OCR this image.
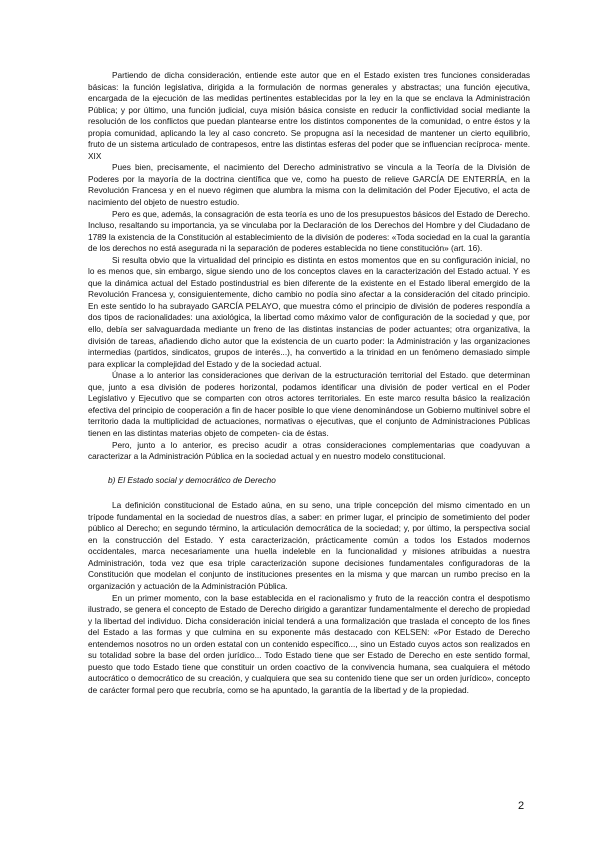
Partiendo de dicha consideración, entiende este autor que en el Estado existen tres funciones consideradas básicas: la función legislativa, dirigida a la formulación de normas generales y abstractas; una función ejecutiva, encargada de la ejecución de las medidas pertinentes establecidas por la ley en la que se enclava la Administración Pública; y por último, una función judicial, cuya misión básica consiste en reducir la conflictividad social mediante la resolución de los conflictos que puedan plantearse entre los distintos componentes de la comunidad, o entre éstos y la propia comunidad, aplicando la ley al caso concreto. Se propugna así la necesidad de mantener un cierto equilibrio, fruto de un sistema articulado de contrapesos, entre las distintas esferas del poder que se influencian recíproca- mente. XIX

Pues bien, precisamente, el nacimiento del Derecho administrativo se vincula a la Teoría de la División de Poderes por la mayoría de la doctrina científica que ve, como ha puesto de relieve GARCÍA DE ENTERRÍA, en la Revolución Francesa y en el nuevo régimen que alumbra la misma con la delimitación del Poder Ejecutivo, el acta de nacimiento del objeto de nuestro estudio.

Pero es que, además, la consagración de esta teoría es uno de los presupuestos básicos del Estado de Derecho. Incluso, resaltando su importancia, ya se vinculaba por la Declaración de los Derechos del Hombre y del Ciudadano de 1789 la existencia de la Constitución al establecimiento de la división de poderes: «Toda sociedad en la cual la garantía de los derechos no está asegurada ni la separación de poderes establecida no tiene constitución» (art. 16).

Si resulta obvio que la virtualidad del principio es distinta en estos momentos que en su configuración inicial, no lo es menos que, sin embargo, sigue siendo uno de los conceptos claves en la caracterización del Estado actual. Y es que la dinámica actual del Estado postindustrial es bien diferente de la existente en el Estado liberal emergido de la Revolución Francesa y, consiguientemente, dicho cambio no podía sino afectar a la consideración del citado principio. En este sentido lo ha subrayado GARCÍA PELAYO, que muestra cómo el principio de división de poderes respondía a dos tipos de racionalidades: una axiológica, la libertad como máximo valor de configuración de la sociedad y que, por ello, debía ser salvaguardada mediante un freno de las distintas instancias de poder actuantes; otra organizativa, la división de tareas, añadiendo dicho autor que la existencia de un cuarto poder: la Administración y las organizaciones intermedias (partidos, sindicatos, grupos de interés...), ha convertido a la trinidad en un fenómeno demasiado simple para explicar la complejidad del Estado y de la sociedad actual.

Únase a lo anterior las consideraciones que derivan de la estructuración territorial del Estado. que determinan que, junto a esa división de poderes horizontal, podamos identificar una división de poder vertical en el Poder Legislativo y Ejecutivo que se comparten con otros actores territoriales. En este marco resulta básico la realización efectiva del principio de cooperación a fin de hacer posible lo que viene denominándose un Gobierno multinivel sobre el territorio dada la multiplicidad de actuaciones, normativas o ejecutivas, que el conjunto de Administraciones Públicas tienen en las distintas materias objeto de competen- cia de éstas.

Pero, junto a lo anterior, es preciso acudir a otras consideraciones complementarias que coadyuvan a caracterizar a la Administración Pública en la sociedad actual y en nuestro modelo constitucional.

b) El Estado social y democrático de Derecho

La definición constitucional de Estado aúna, en su seno, una triple concepción del mismo cimentado en un trípode fundamental en la sociedad de nuestros días, a saber: en primer lugar, el principio de sometimiento del poder público al Derecho; en segundo término, la articulación democrática de la sociedad; y, por último, la perspectiva social en la construcción del Estado. Y esta caracterización, prácticamente común a todos los Estados modernos occidentales, marca necesariamente una huella indeleble en la funcionalidad y misiones atribuidas a nuestra Administración, toda vez que esa triple caracterización supone decisiones fundamentales configuradoras de la Constitución que modelan el conjunto de instituciones presentes en la misma y que marcan un rumbo preciso en la organización y actuación de la Administración Pública.

En un primer momento, con la base establecida en el racionalismo y fruto de la reacción contra el despotismo ilustrado, se genera el concepto de Estado de Derecho dirigido a garantizar fundamentalmente el derecho de propiedad y la libertad del individuo. Dicha consideración inicial tenderá a una formalización que traslada el concepto de los fines del Estado a las formas y que culmina en su exponente más destacado con KELSEN: «Por Estado de Derecho entendemos nosotros no un orden estatal con un contenido específico..., sino un Estado cuyos actos son realizados en su totalidad sobre la base del orden jurídico... Todo Estado tiene que ser Estado de Derecho en este sentido formal, puesto que todo Estado tiene que constituir un orden coactivo de la convivencia humana, sea cualquiera el método autocrático o democrático de su creación, y cualquiera que sea su contenido tiene que ser un orden jurídico», concepto de carácter formal pero que recubría, como se ha apuntado, la garantía de la libertad y de la propiedad.

2
